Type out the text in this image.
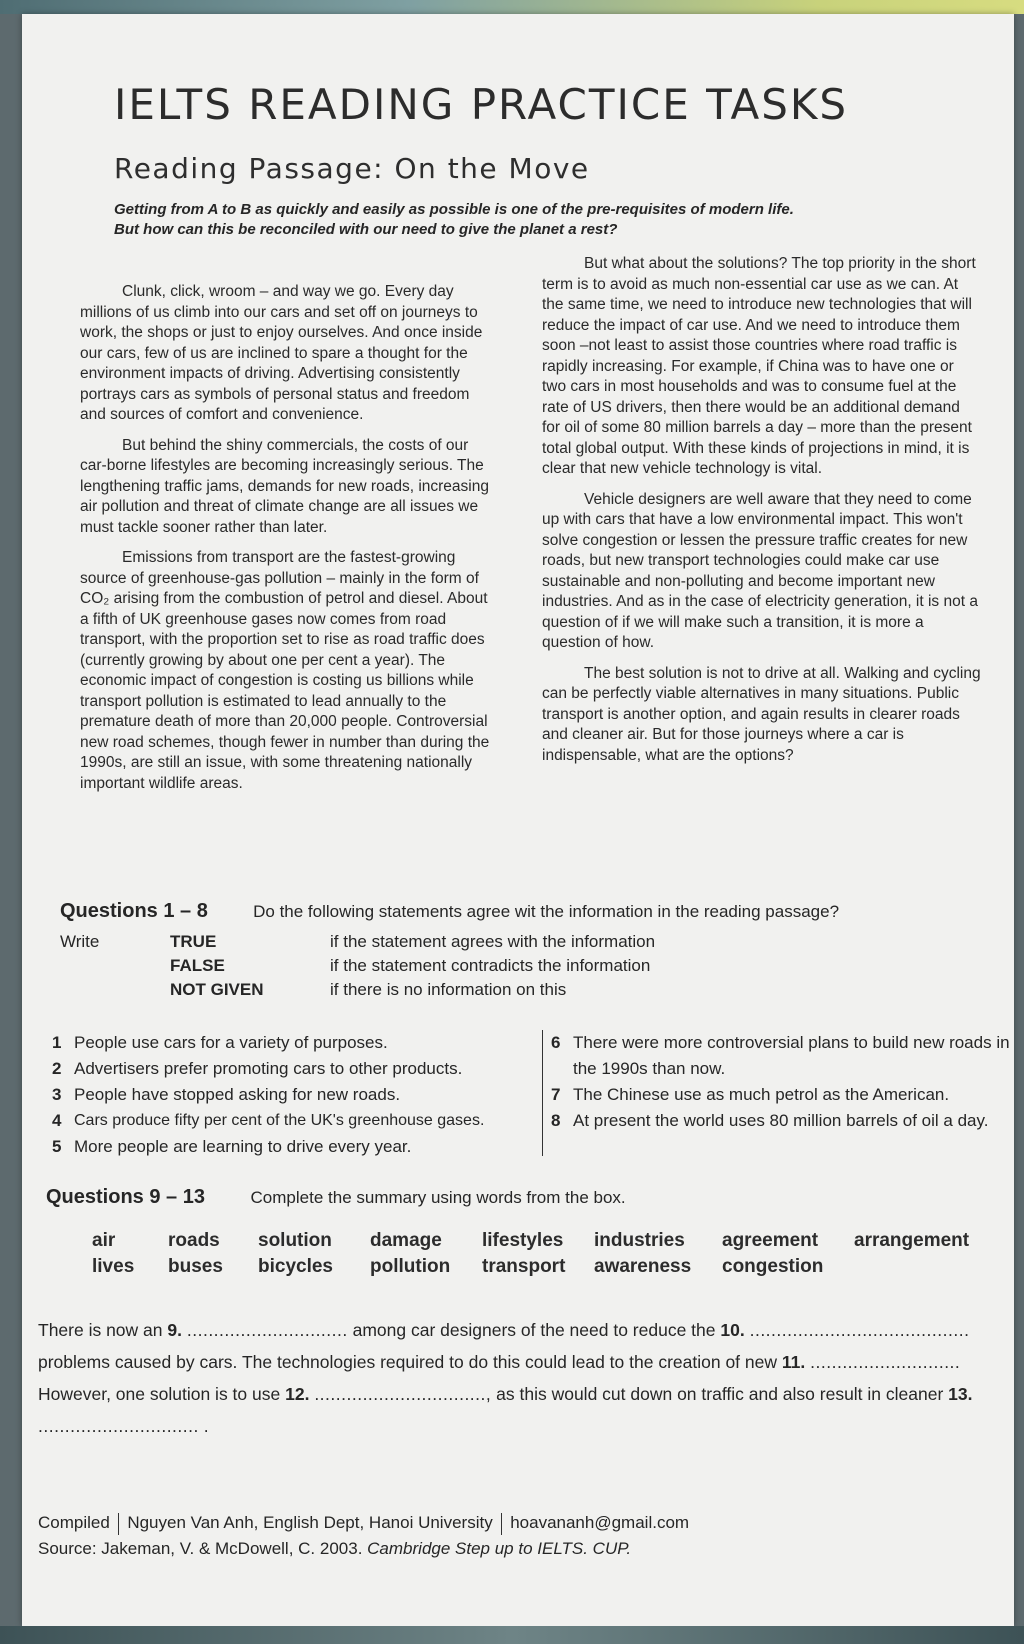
IELTS READING PRACTICE TASKS
Reading Passage: On the Move
Getting from A to B as quickly and easily as possible is one of the pre-requisites of modern life.
But how can this be reconciled with our need to give the planet a rest?

Clunk, click, wroom – and way we go. Every day millions of us climb into our cars and set off on journeys to work, the shops or just to enjoy ourselves. And once inside our cars, few of us are inclined to spare a thought for the environment impacts of driving. Advertising consistently portrays cars as symbols of personal status and freedom and sources of comfort and convenience.

But behind the shiny commercials, the costs of our car-borne lifestyles are becoming increasingly serious. The lengthening traffic jams, demands for new roads, increasing air pollution and threat of climate change are all issues we must tackle sooner rather than later.

Emissions from transport are the fastest-growing source of greenhouse-gas pollution – mainly in the form of CO₂ arising from the combustion of petrol and diesel. About a fifth of UK greenhouse gases now comes from road transport, with the proportion set to rise as road traffic does (currently growing by about one per cent a year). The economic impact of congestion is costing us billions while transport pollution is estimated to lead annually to the premature death of more than 20,000 people. Controversial new road schemes, though fewer in number than during the 1990s, are still an issue, with some threatening nationally important wildlife areas.

But what about the solutions? The top priority in the short term is to avoid as much non-essential car use as we can. At the same time, we need to introduce new technologies that will reduce the impact of car use. And we need to introduce them soon –not least to assist those countries where road traffic is rapidly increasing. For example, if China was to have one or two cars in most households and was to consume fuel at the rate of US drivers, then there would be an additional demand for oil of some 80 million barrels a day – more than the present total global output. With these kinds of projections in mind, it is clear that new vehicle technology is vital.

Vehicle designers are well aware that they need to come up with cars that have a low environmental impact. This won't solve congestion or lessen the pressure traffic creates for new roads, but new transport technologies could make car use sustainable and non-polluting and become important new industries. And as in the case of electricity generation, it is not a question of if we will make such a transition, it is more a question of how.

The best solution is not to drive at all. Walking and cycling can be perfectly viable alternatives in many situations. Public transport is another option, and again results in clearer roads and cleaner air. But for those journeys where a car is indispensable, what are the options?

Questions 1 – 8	Do the following statements agree wit the information in the reading passage?
Write	TRUE	if the statement agrees with the information
	FALSE	if the statement contradicts the information
	NOT GIVEN	if there is no information on this
1 People use cars for a variety of purposes.
2 Advertisers prefer promoting cars to other products.
3 People have stopped asking for new roads.
4 Cars produce fifty per cent of the UK's greenhouse gases.
5 More people are learning to drive every year.
6 There were more controversial plans to build new roads in the 1990s than now.
7 The Chinese use as much petrol as the American.
8 At present the world uses 80 million barrels of oil a day.
Questions 9 – 13	Complete the summary using words from the box.
air	roads	solution	damage	lifestyles	industries	agreement	arrangement
lives	buses	bicycles	pollution	transport	awareness	congestion
There is now an 9. .............................. among car designers of the need to reduce the 10. ......................................... problems caused by cars. The technologies required to do this could lead to the creation of new 11. ............................ However, one solution is to use 12. ................................, as this would cut down on traffic and also result in cleaner 13. .............................. .
Compiled Nguyen Van Anh, English Dept, Hanoi University hoavananh@gmail.com
Source: Jakeman, V. & McDowell, C. 2003. Cambridge Step up to IELTS. CUP.
